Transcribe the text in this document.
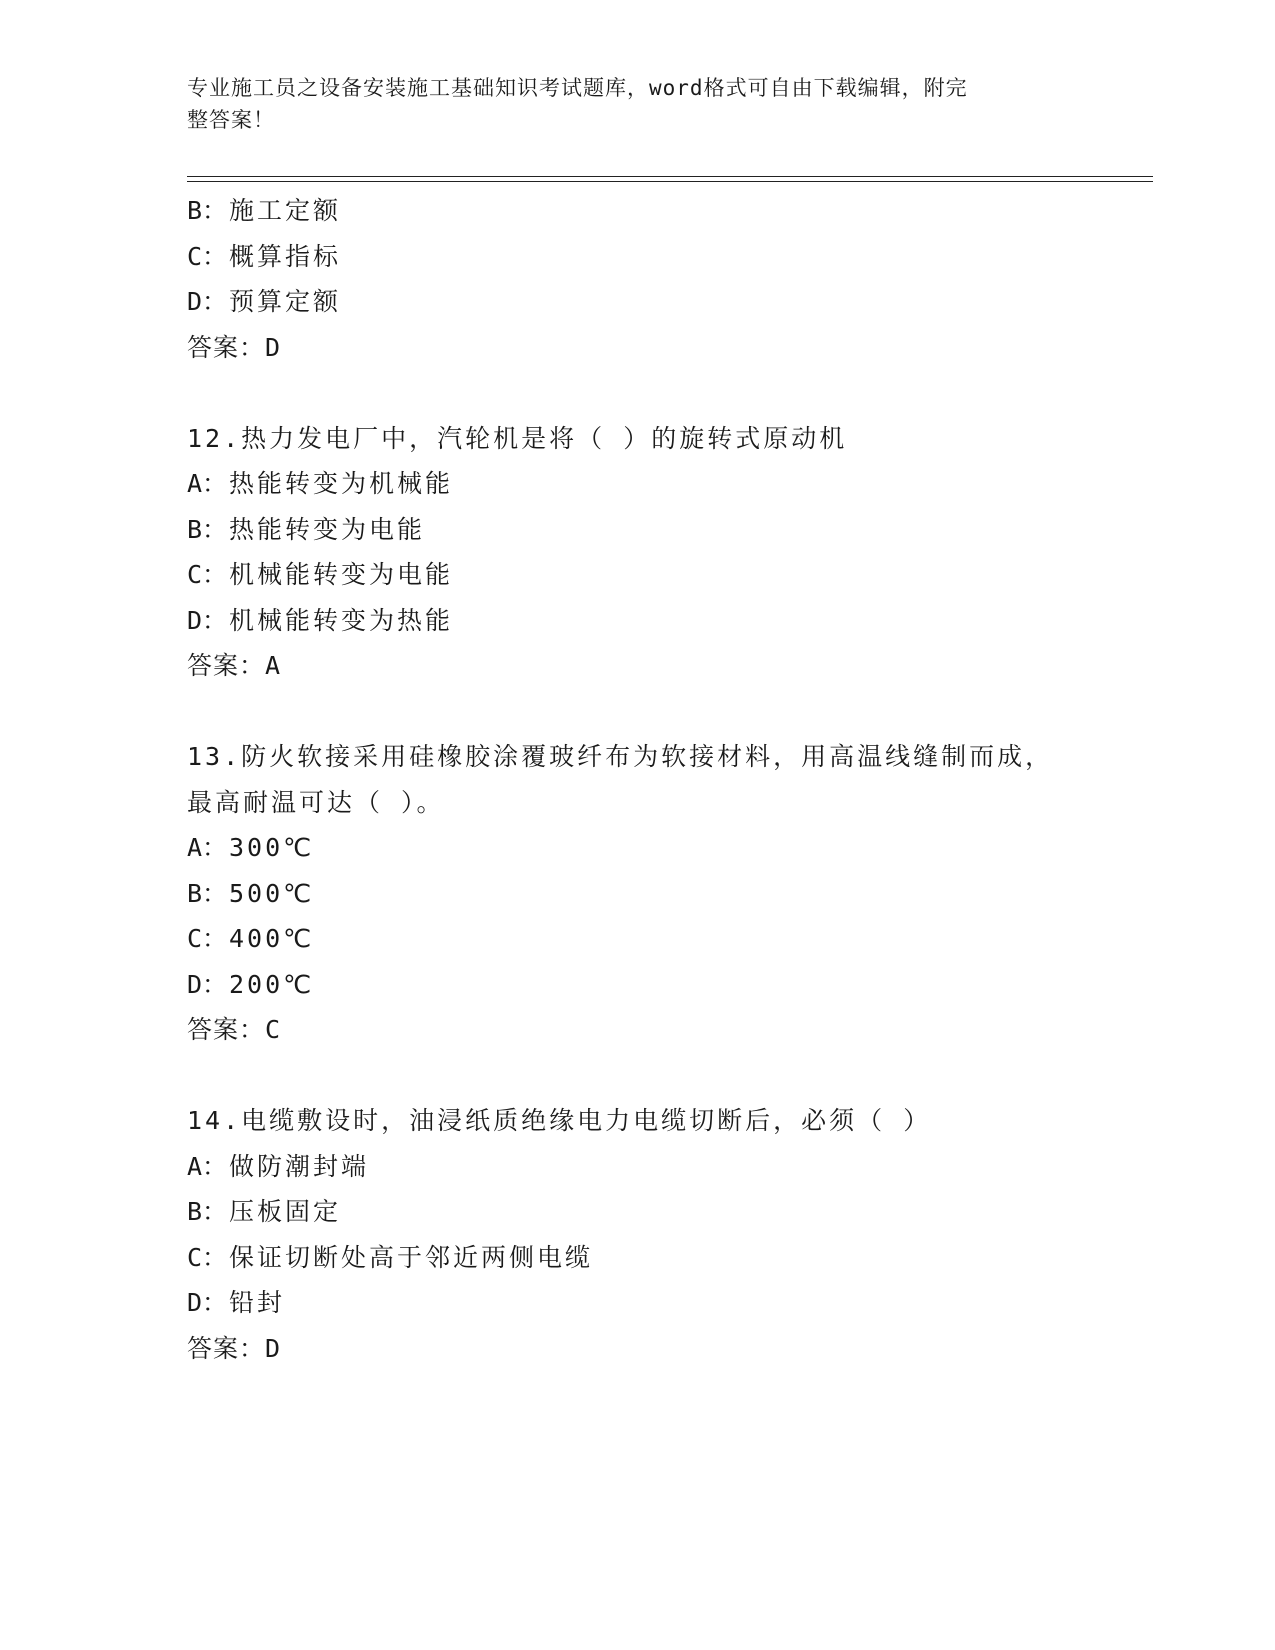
专业施工员之设备安装施工基础知识考试题库，word格式可自由下载编辑，附完
整答案！
B：施工定额
C：概算指标
D：预算定额
答案：D
12.热力发电厂中，汽轮机是将（ ）的旋转式原动机
A：热能转变为机械能
B：热能转变为电能
C：机械能转变为电能
D：机械能转变为热能
答案：A
13.防火软接采用硅橡胶涂覆玻纤布为软接材料，用高温线缝制而成，
最高耐温可达（ ）。
A：300℃
B：500℃
C：400℃
D：200℃
答案：C
14.电缆敷设时，油浸纸质绝缘电力电缆切断后，必须（ ）
A：做防潮封端
B：压板固定
C：保证切断处高于邻近两侧电缆
D：铅封
答案：D
